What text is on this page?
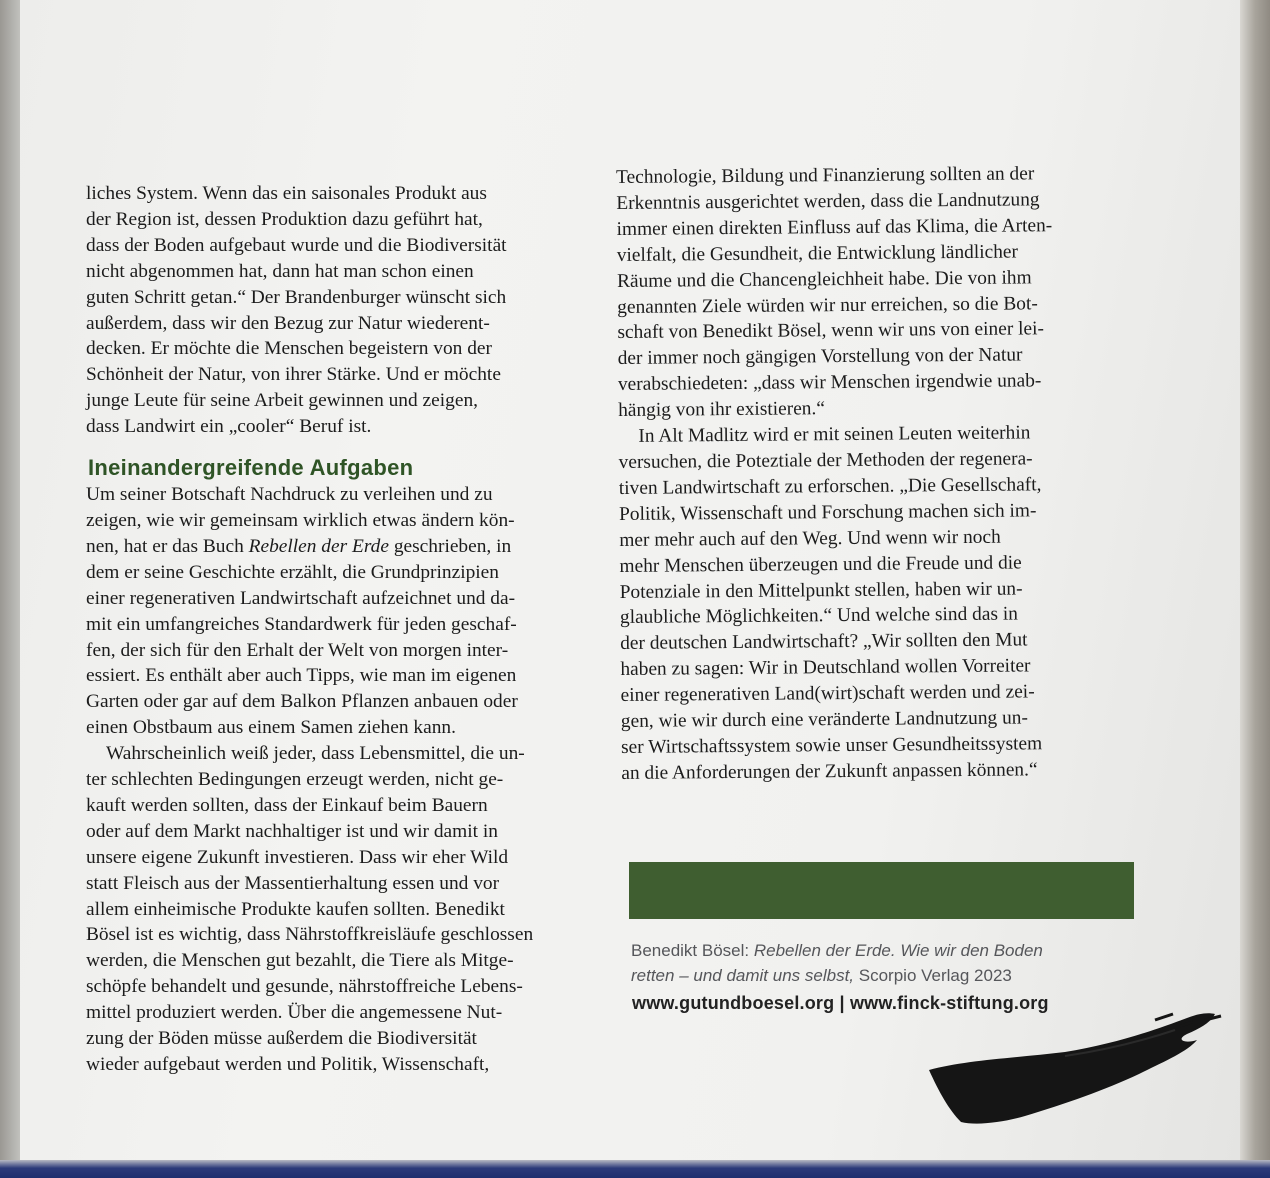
liches System. Wenn das ein saisonales Produkt aus

der Region ist, dessen Produktion dazu geführt hat,

dass der Boden aufgebaut wurde und die Biodiversität

nicht abgenommen hat, dann hat man schon einen

guten Schritt getan.“ Der Brandenburger wünscht sich

außerdem, dass wir den Bezug zur Natur wiederent-

decken. Er möchte die Menschen begeistern von der

Schönheit der Natur, von ihrer Stärke. Und er möchte

junge Leute für seine Arbeit gewinnen und zeigen,

dass Landwirt ein „cooler“ Beruf ist.

Ineinandergreifende Aufgaben

Um seiner Botschaft Nachdruck zu verleihen und zu

zeigen, wie wir gemeinsam wirklich etwas ändern kön-

nen, hat er das Buch Rebellen der Erde geschrieben, in

dem er seine Geschichte erzählt, die Grundprinzipien

einer regenerativen Landwirtschaft aufzeichnet und da-

mit ein umfangreiches Standardwerk für jeden geschaf-

fen, der sich für den Erhalt der Welt von morgen inter-

essiert. Es enthält aber auch Tipps, wie man im eigenen

Garten oder gar auf dem Balkon Pflanzen anbauen oder

einen Obstbaum aus einem Samen ziehen kann.

Wahrscheinlich weiß jeder, dass Lebensmittel, die un-

ter schlechten Bedingungen erzeugt werden, nicht ge-

kauft werden sollten, dass der Einkauf beim Bauern

oder auf dem Markt nachhaltiger ist und wir damit in

unsere eigene Zukunft investieren. Dass wir eher Wild

statt Fleisch aus der Massentierhaltung essen und vor

allem einheimische Produkte kaufen sollten. Benedikt

Bösel ist es wichtig, dass Nährstoffkreisläufe geschlossen

werden, die Menschen gut bezahlt, die Tiere als Mitge-

schöpfe behandelt und gesunde, nährstoffreiche Lebens-

mittel produziert werden. Über die angemessene Nut-

zung der Böden müsse außerdem die Biodiversität

wieder aufgebaut werden und Politik, Wissenschaft,

Technologie, Bildung und Finanzierung sollten an der

Erkenntnis ausgerichtet werden, dass die Landnutzung

immer einen direkten Einfluss auf das Klima, die Arten-

vielfalt, die Gesundheit, die Entwicklung ländlicher

Räume und die Chancengleichheit habe. Die von ihm

genannten Ziele würden wir nur erreichen, so die Bot-

schaft von Benedikt Bösel, wenn wir uns von einer lei-

der immer noch gängigen Vorstellung von der Natur

verabschiedeten: „dass wir Menschen irgendwie unab-

hängig von ihr existieren.“

In Alt Madlitz wird er mit seinen Leuten weiterhin

versuchen, die Poteztiale der Methoden der regenera-

tiven Landwirtschaft zu erforschen. „Die Gesellschaft,

Politik, Wissenschaft und Forschung machen sich im-

mer mehr auch auf den Weg. Und wenn wir noch

mehr Menschen überzeugen und die Freude und die

Potenziale in den Mittelpunkt stellen, haben wir un-

glaubliche Möglichkeiten.“ Und welche sind das in

der deutschen Landwirtschaft? „Wir sollten den Mut

haben zu sagen: Wir in Deutschland wollen Vorreiter

einer regenerativen Land(wirt)schaft werden und zei-

gen, wie wir durch eine veränderte Landnutzung un-

ser Wirtschaftssystem sowie unser Gesundheitssystem

an die Anforderungen der Zukunft anpassen können.“

Benedikt Bösel: Rebellen der Erde. Wie wir den Boden

retten – und damit uns selbst, Scorpio Verlag 2023

www.gutundboesel.org | www.finck-stiftung.org
